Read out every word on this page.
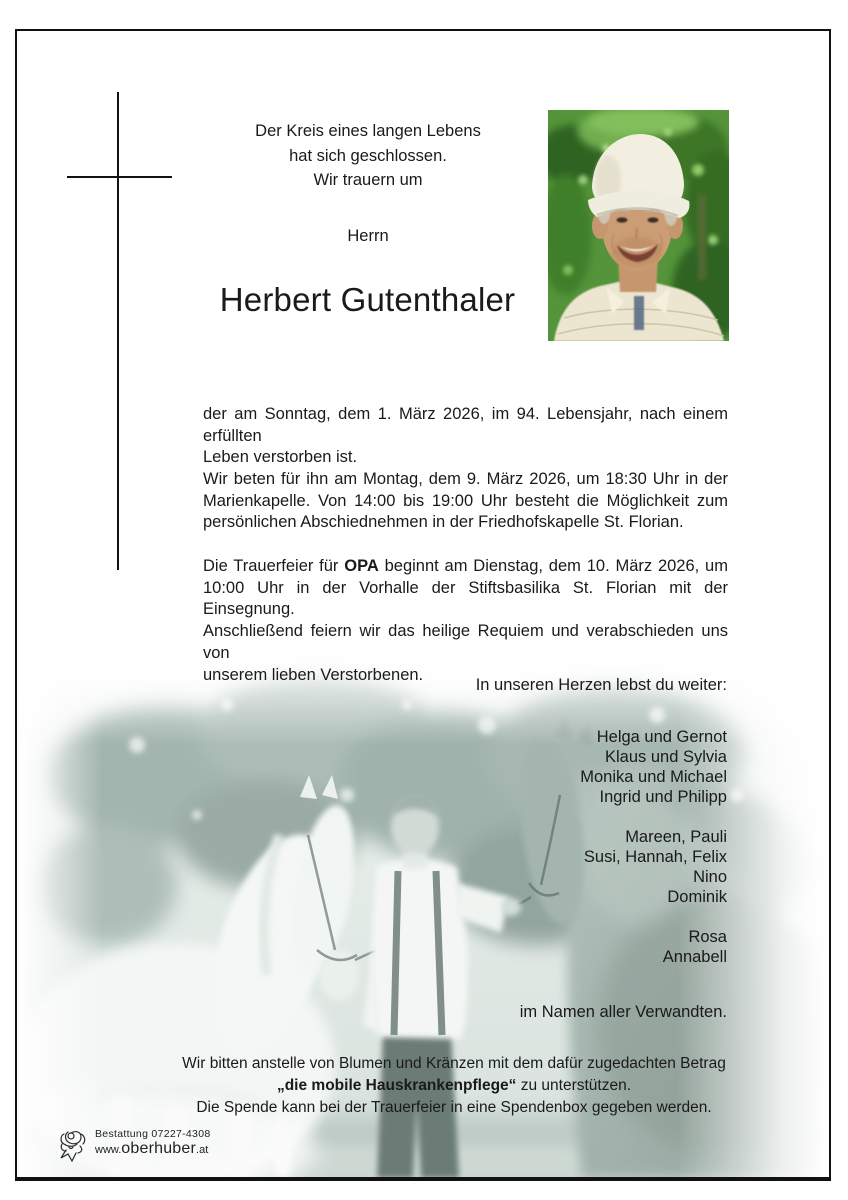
Der Kreis eines langen Lebens
hat sich geschlossen.
Wir trauern um
Herrn
Herbert Gutenthaler
der am Sonntag, dem 1. März 2026, im 94. Lebensjahr, nach einem erfüllten
Leben verstorben ist.
Wir beten für ihn am Montag, dem 9. März 2026, um 18:30 Uhr in der
Marienkapelle. Von 14:00 bis 19:00 Uhr besteht die Möglichkeit zum
persönlichen Abschiednehmen in der Friedhofskapelle St. Florian.
Die Trauerfeier für OPA beginnt am Dienstag, dem 10. März 2026, um
10:00 Uhr in der Vorhalle der Stiftsbasilika St. Florian mit der Einsegnung.
Anschließend feiern wir das heilige Requiem und verabschieden uns von
unserem lieben Verstorbenen.
In unseren Herzen lebst du weiter:
Helga und Gernot
Klaus und Sylvia
Monika und Michael
Ingrid und Philipp
Mareen, Pauli
Susi, Hannah, Felix
Nino
Dominik
Rosa
Annabell
im Namen aller Verwandten.
Wir bitten anstelle von Blumen und Kränzen mit dem dafür zugedachten Betrag
„die mobile Hauskrankenpflege“ zu unterstützen.
Die Spende kann bei der Trauerfeier in eine Spendenbox gegeben werden.
Bestattung 07227-4308
www.oberhuber.at
